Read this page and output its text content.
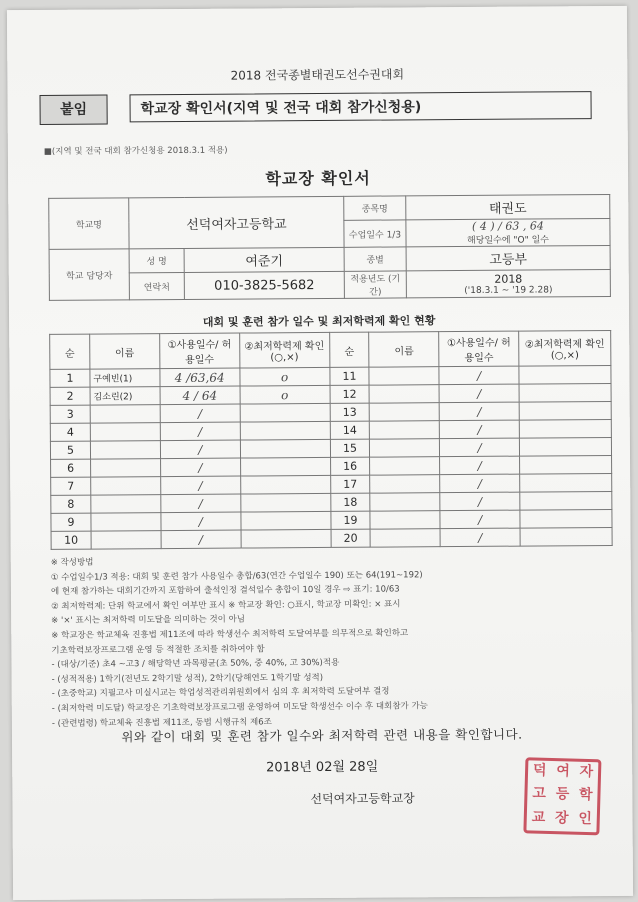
2018 전국종별태권도선수권대회
붙임	학교장 확인서(지역 및 전국 대회 참가신청용)
■(지역 및 전국 대회 참가신청용 2018.3.1 적용)
학교장 확인서
학교명	선덕여자고등학교		종목명	태권도
			수업일수 1/3	( 4 ) / 63 , 64
해당일수에 "O" 일수

학교 담당자	성 명	여준기	종별	고등부
	연락처	010-3825-5682	적용년도 (기간)	2018
('18.3.1 ~ '19 2.28)
대회 및 훈련 참가 일수 및 최저학력제 확인 현황
순	이름	①사용일수/ 허용일수	②최저학력제 확인(○,×)	순	이름	①사용일수/ 허용일수	②최저학력제 확인(○,×)
1	구예빈(1)	4 /63,64	o	11		/	
2	김소린(2)	4 / 64	o	12		/	
3		/		13		/	
4		/		14		/	
5		/		15		/	
6		/		16		/	
7		/		17		/	
8		/		18		/	
9		/		19		/	
10		/		20		/	
※ 작성방법
① 수업일수1/3 적용: 대회 및 훈련 참가 사용일수 총합/63(연간 수업일수 190) 또는 64(191~192)
에 현재 참가하는 대회기간까지 포함하여 출석인정 결석일수 총합이 10일 경우 ⇨ 표기: 10/63
② 최저학력제: 단위 학교에서 확인 여부만 표시 ※ 학교장 확인: ○표시, 학교장 미확인: × 표시
※ '×' 표시는 최저학력 미도달을 의미하는 것이 아님
※ 학교장은 학교체육 진흥법 제11조에 따라 학생선수 최저학력 도달여부를 의무적으로 확인하고
기초학력보장프로그램 운영 등 적절한 조치를 취하여야 함
- (대상/기준) 초4 ~고3 / 해당학년 과목평균(초 50%, 중 40%, 고 30%)적용
- (성적적용) 1학기(전년도 2학기말 성적), 2학기(당해연도 1학기말 성적)
- (초중학교) 지필고사 미실시교는 학업성적관리위원회에서 심의 후 최저학력 도달여부 결정
- (최저학력 미도달) 학교장은 기초학력보장프로그램 운영하여 미도달 학생선수 이수 후 대회참가 가능
- (관련법령) 학교체육 진흥법 제11조, 동법 시행규칙 제6조
위와 같이 대회 및 훈련 참가 일수와 최저학력 관련 내용을 확인합니다.
2018년 02월 28일
선덕여자고등학교장
덕 여 자
고 등 학
교 장 인
